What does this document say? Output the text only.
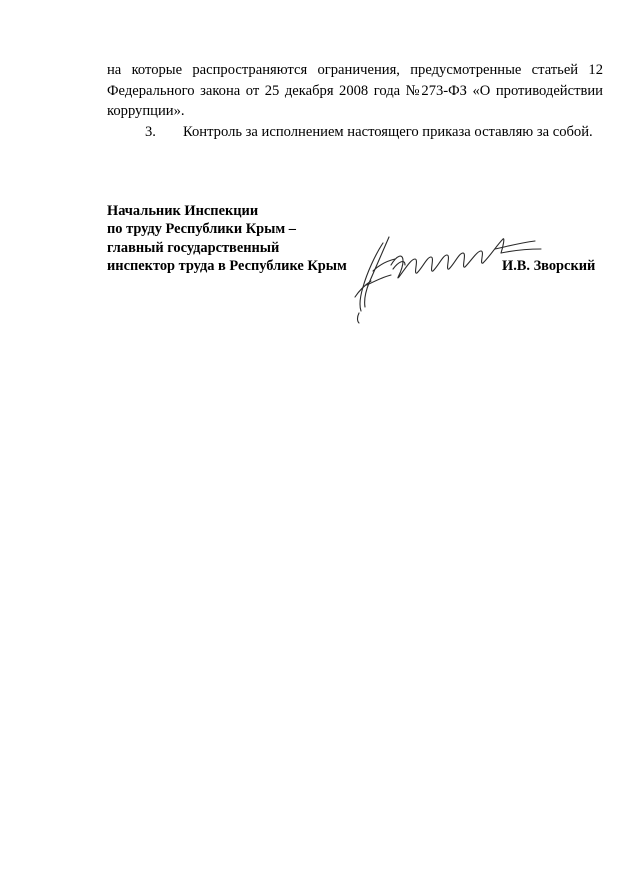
на которые распространяются ограничения, предусмотренные статьей 12 Федерального закона от 25 декабря 2008 года №273-ФЗ «О противодействии коррупции».

3.	Контроль за исполнением настоящего приказа оставляю за собой.

Начальник Инспекции
по труду Республики Крым –
главный государственный
инспектор труда в Республике Крым	И.В. Зворский
